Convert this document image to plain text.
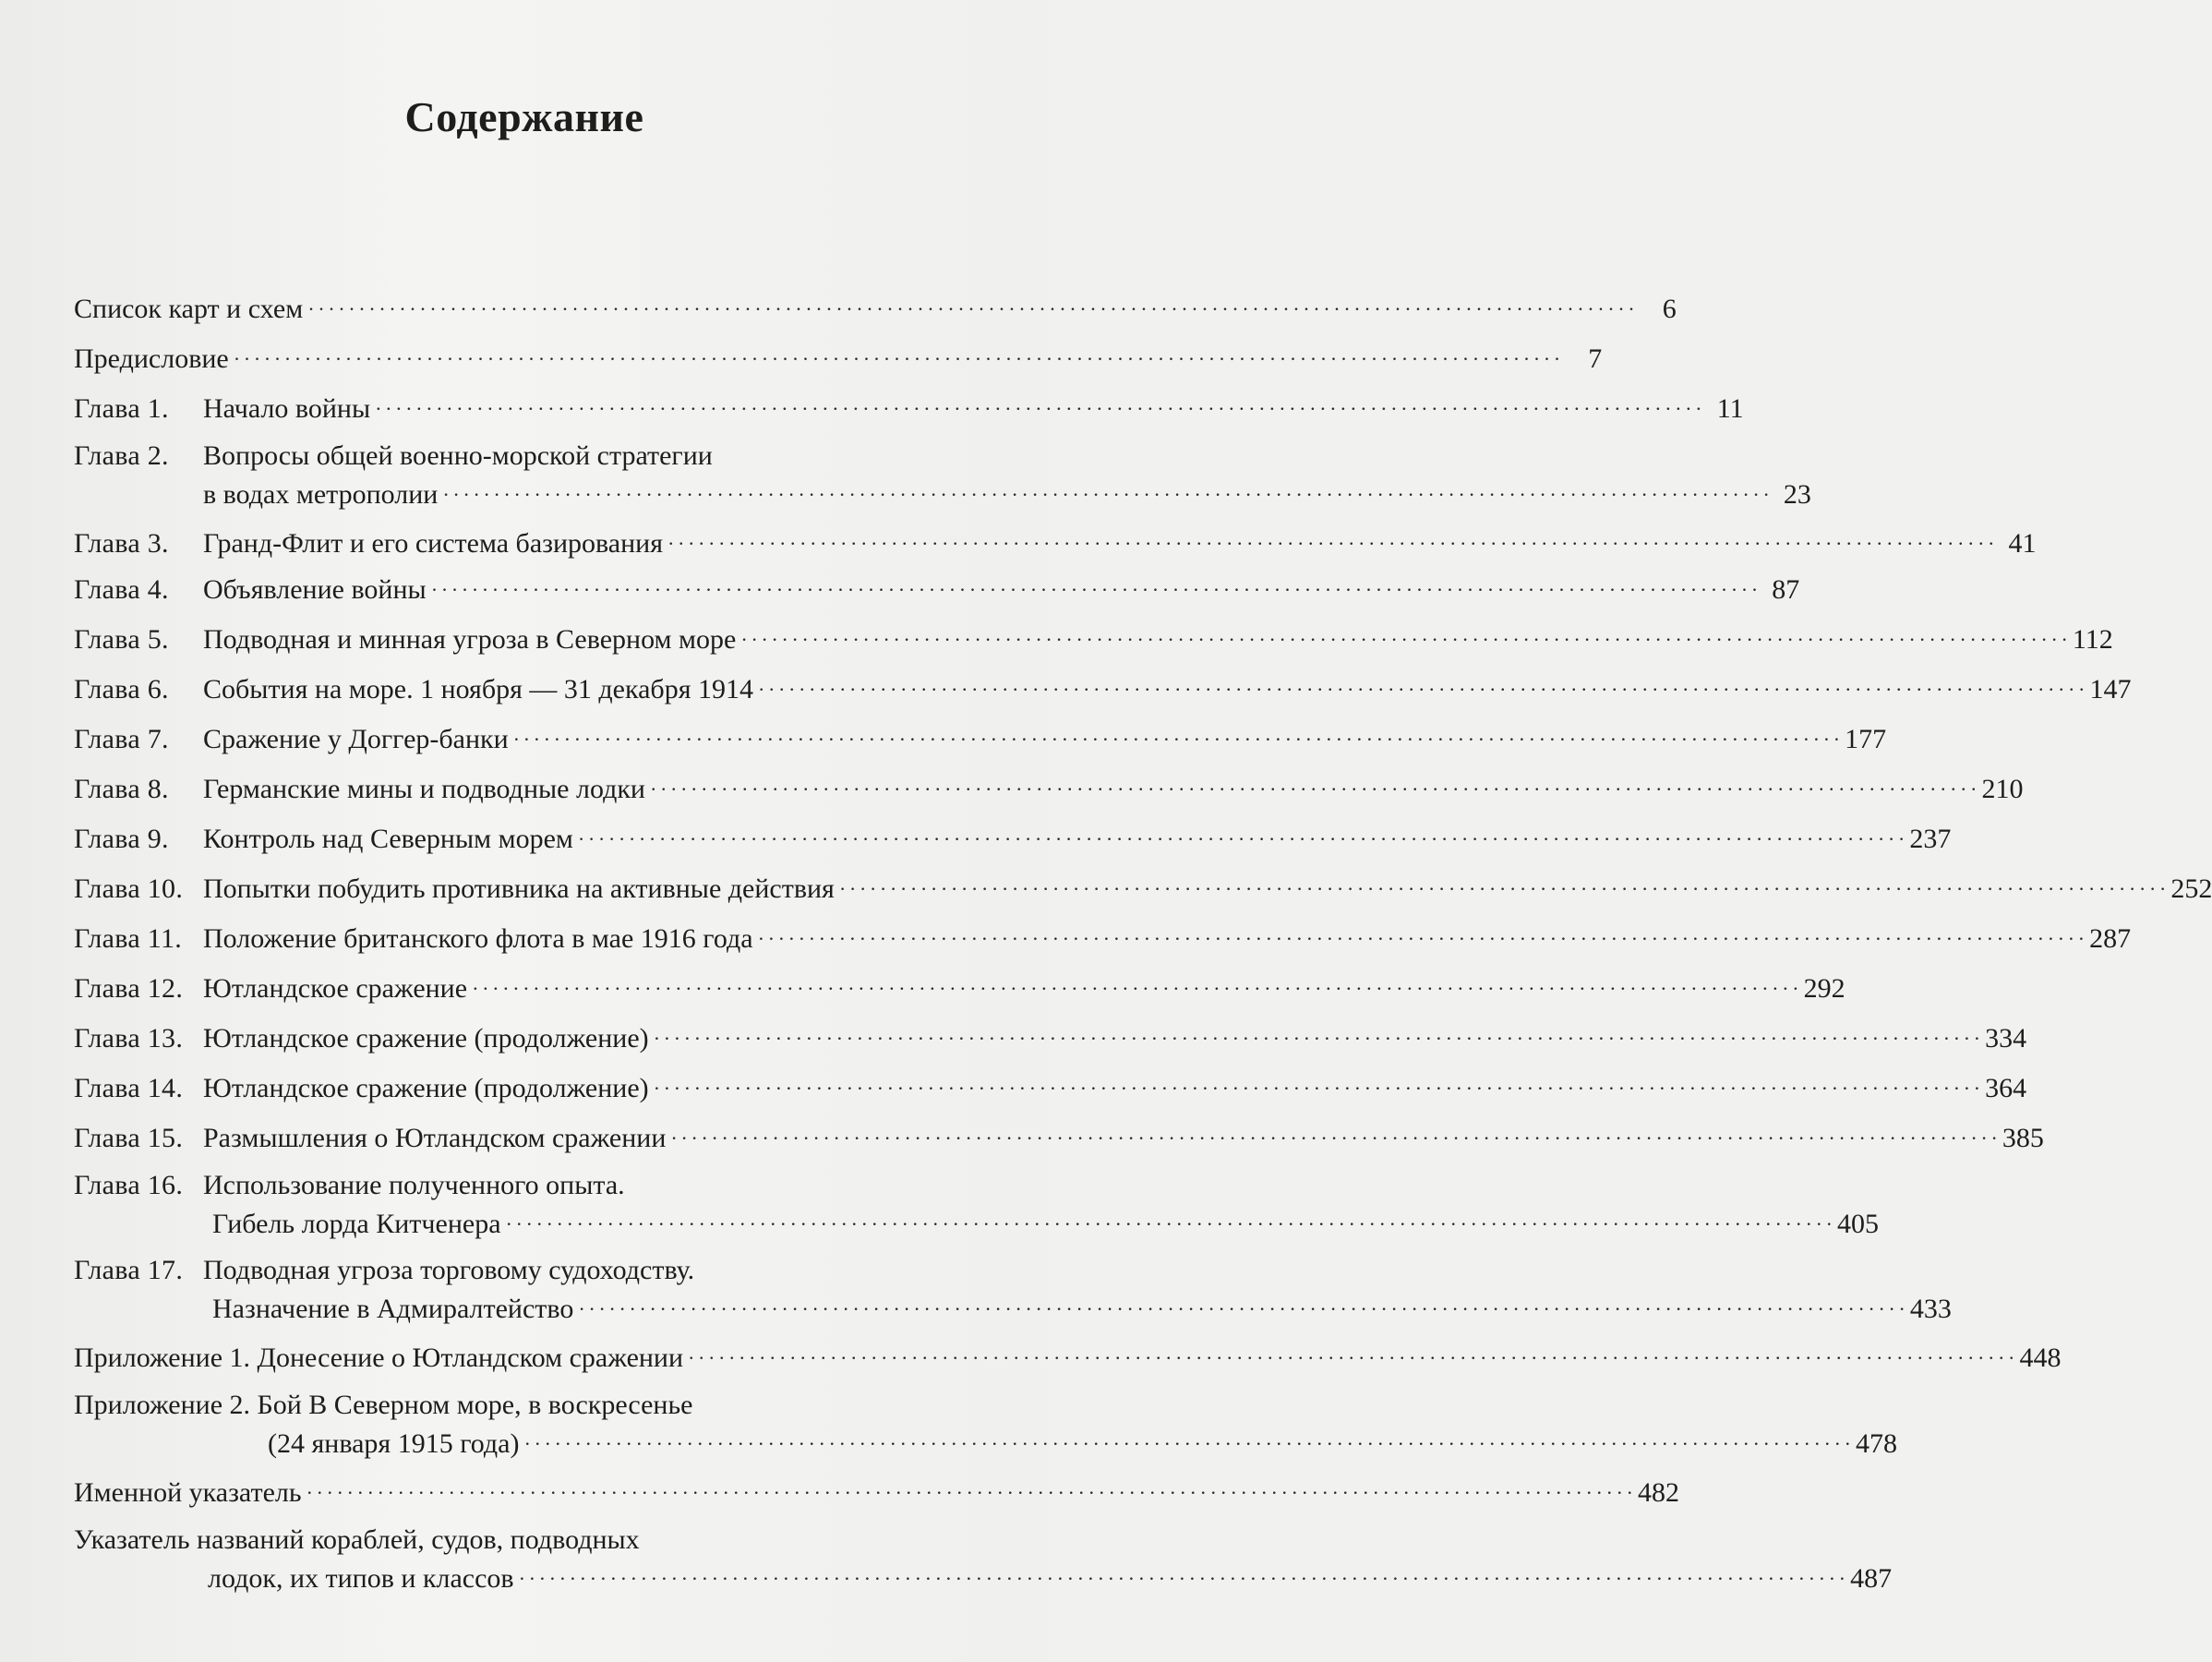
Содержание
Список карт и схем . . .	6
Предисловие . . .	7
Глава 1.	Начало войны . . .	11
Глава 2.	Вопросы общей военно-морской стратегии
в водах метрополии . . .	23
Глава 3.	Гранд-Флит и его система базирования . . .	41
Глава 4.	Объявление войны . . .	87
Глава 5.	Подводная и минная угроза в Северном море . . .	112
Глава 6.	События на море. 1 ноября — 31 декабря 1914 . . .	147
Глава 7.	Сражение у Доггер-банки . . .	177
Глава 8.	Германские мины и подводные лодки . . .	210
Глава 9.	Контроль над Северным морем . . .	237
Глава 10. Попытки побудить противника на активные действия . . .	252
Глава 11. Положение британского флота в мае 1916 года . . .	287
Глава 12. Ютландское сражение . . .	292
Глава 13. Ютландское сражение (продолжение) . . .	334
Глава 14. Ютландское сражение (продолжение) . . .	364
Глава 15. Размышления о Ютландском сражении . . .	385
Глава 16. Использование полученного опыта.
Гибель лорда Китченера . . .	405
Глава 17. Подводная угроза торговому судоходству.
Назначение в Адмиралтейство . . .	433
Приложение 1. Донесение о Ютландском сражении . . .	448
Приложение 2. Бой В Северном море, в воскресенье
(24 января 1915 года) . . .	478
Именной указатель . . .	482
Указатель названий кораблей, судов, подводных
лодок, их типов и классов . . .	487
